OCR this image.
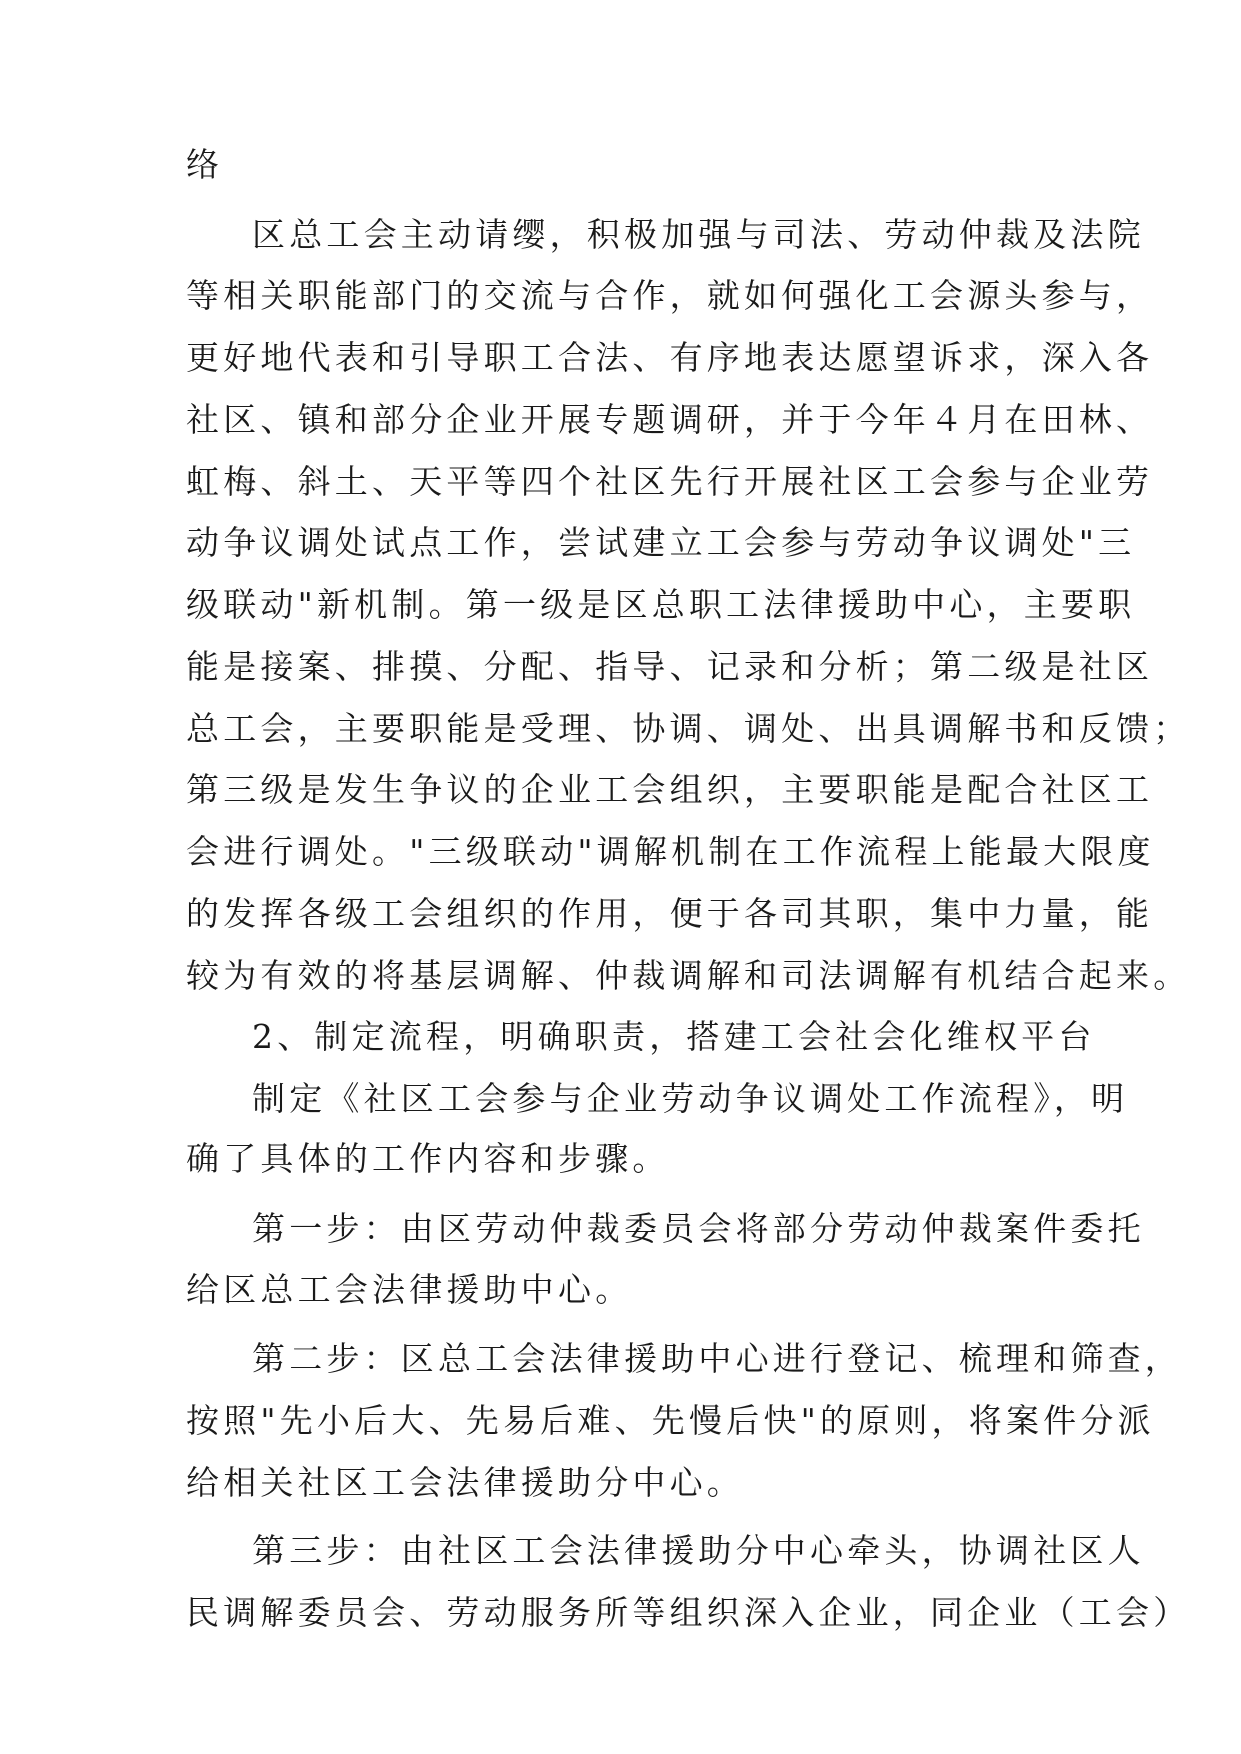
络
区总工会主动请缨，积极加强与司法、劳动仲裁及法院
等相关职能部门的交流与合作，就如何强化工会源头参与，
更好地代表和引导职工合法、有序地表达愿望诉求，深入各
社区、镇和部分企业开展专题调研，并于今年４月在田林、
虹梅、斜土、天平等四个社区先行开展社区工会参与企业劳
动争议调处试点工作，尝试建立工会参与劳动争议调处"三
级联动"新机制。第一级是区总职工法律援助中心，主要职
能是接案、排摸、分配、指导、记录和分析；第二级是社区
总工会，主要职能是受理、协调、调处、出具调解书和反馈；
第三级是发生争议的企业工会组织，主要职能是配合社区工
会进行调处。"三级联动"调解机制在工作流程上能最大限度
的发挥各级工会组织的作用，便于各司其职，集中力量，能
较为有效的将基层调解、仲裁调解和司法调解有机结合起来。
2、制定流程，明确职责，搭建工会社会化维权平台
制定《社区工会参与企业劳动争议调处工作流程》，明
确了具体的工作内容和步骤。
第一步：由区劳动仲裁委员会将部分劳动仲裁案件委托
给区总工会法律援助中心。
第二步：区总工会法律援助中心进行登记、梳理和筛查，
按照"先小后大、先易后难、先慢后快"的原则，将案件分派
给相关社区工会法律援助分中心。
第三步：由社区工会法律援助分中心牵头，协调社区人
民调解委员会、劳动服务所等组织深入企业，同企业（工会）
